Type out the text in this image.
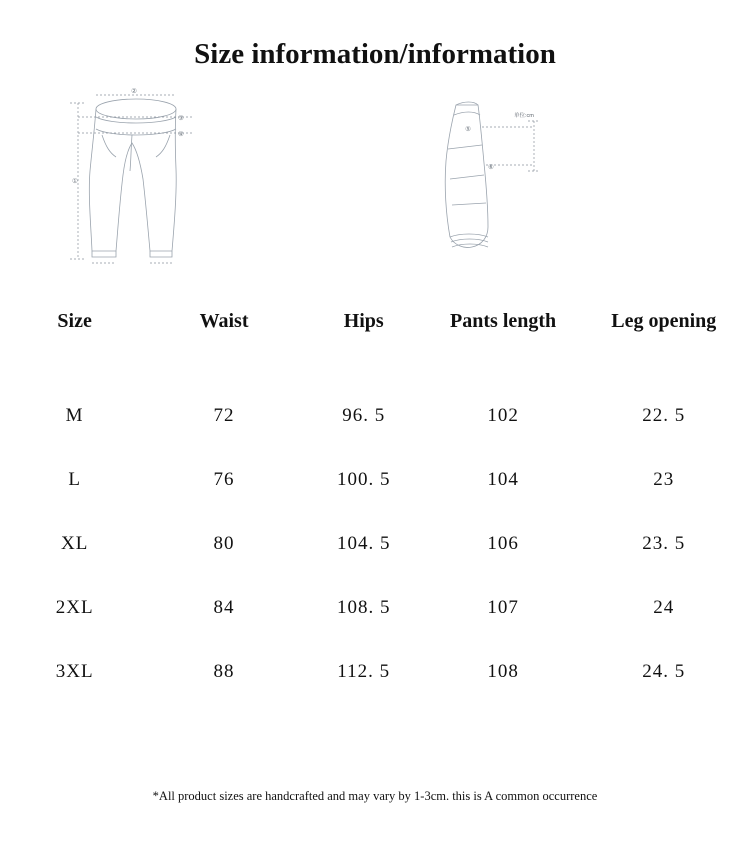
Size information/information
②
①
③
④
⑤
⑥
单位:cm
Size	Waist	Hips	Pants length	Leg opening
M	72	96. 5	102	22. 5
L	76	100. 5	104	23
XL	80	104. 5	106	23. 5
2XL	84	108. 5	107	24
3XL	88	112. 5	108	24. 5
*All product sizes are handcrafted and may vary by 1-3cm. this is A common occurrence
